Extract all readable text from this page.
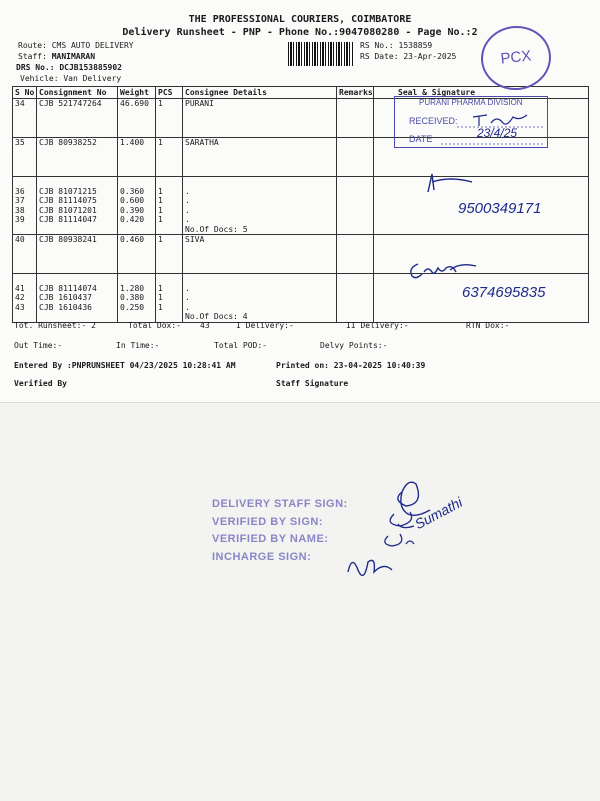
THE PROFESSIONAL COURIERS, COIMBATORE
Delivery Runsheet - PNP - Phone No.:9047080280 - Page No.:2
Route: CMS AUTO DELIVERY
Staff: MANIMARAN
DRS No.: DCJB153885902
Vehicle: Van Delivery
RS No.: 1538859
RS Date: 23-Apr-2025
S No	Consignment No	Weight	PCS	Consignee Details	Remarks	Seal & Signature
34	CJB 521747264	46.690	1	PURANI		

35	CJB 80938252	1.400	1	SARATHA		

36	CJB 81071215	0.360	1	.		
37	CJB 81114075	0.600	1	.		
38	CJB 81071201	0.390	1	.		
39	CJB 81114047	0.420	1	.		
				No.Of Docs: 5		
40	CJB 80938241	0.460	1	SIVA		

41	CJB 81114074	1.280	1	.		
42	CJB 1610437	0.380	1	.		
43	CJB 1610436	0.250	1	.		
				No.Of Docs: 4		
Tot. Runsheet:- 2	Total Dox:- 43	I Delivery:-	II Delivery:-	RTN Dox:-
Out Time:-	In Time:-	Total POD:-	Delvy Points:-
Entered By :PNPRUNSHEET 04/23/2025 10:28:41 AM	Printed on: 23-04-2025 10:40:39
Verified By	Staff Signature
PCX
PURANI PHARMA DIVISION
RECEIVED:
DATE	23/4/25
9500349171
6374695835
DELIVERY STAFF SIGN:
VERIFIED BY SIGN:
VERIFIED BY NAME:
INCHARGE SIGN:
Sumathi
